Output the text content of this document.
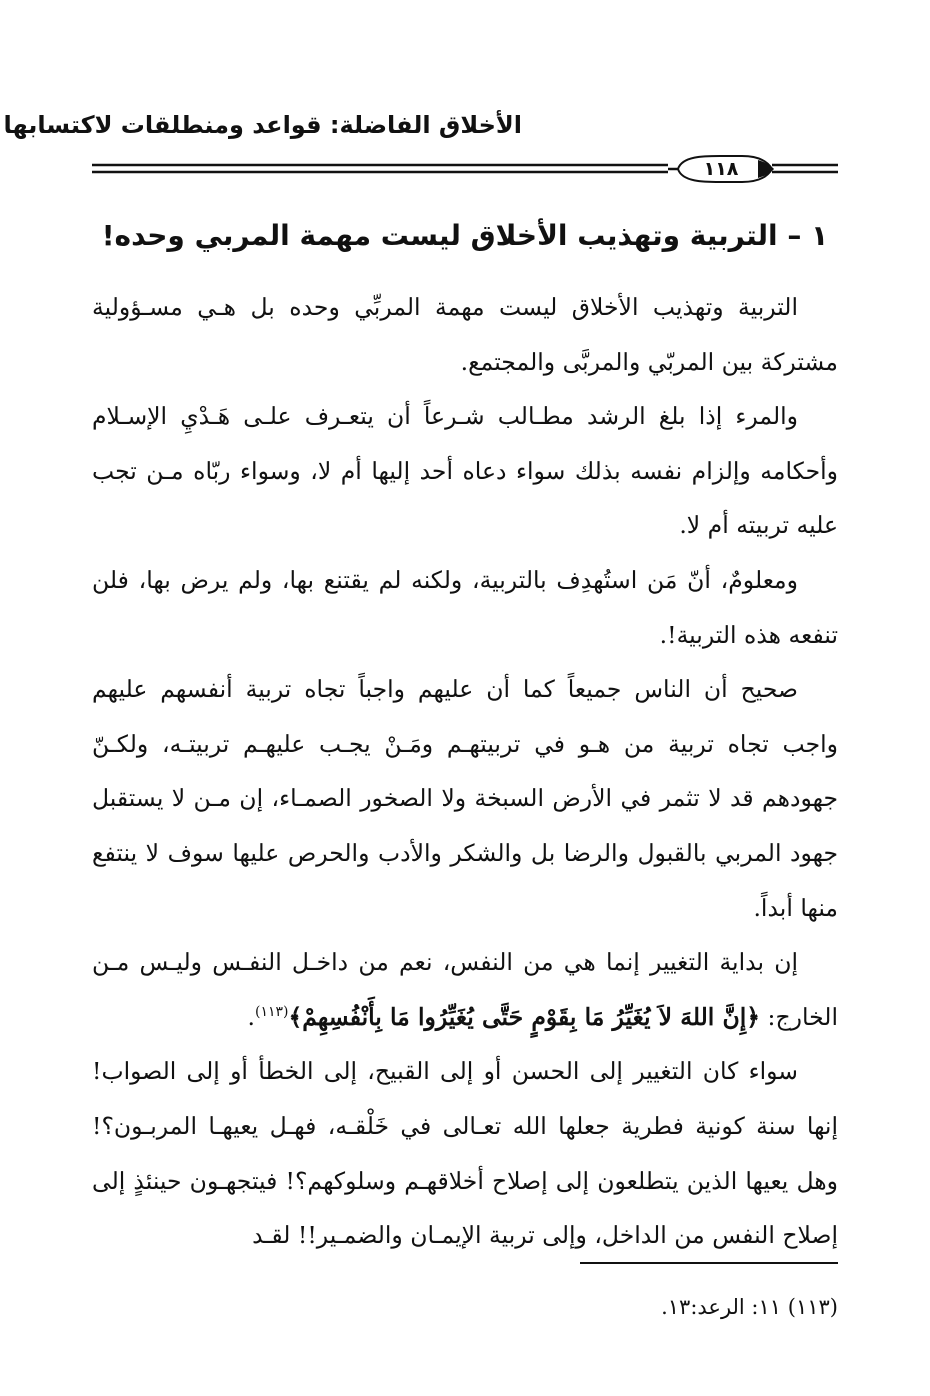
الأخلاق الفاضلة: قواعد ومنطلقات لاكتسابها
١١٨
١ – التربية وتهذيب الأخلاق ليست مهمة المربي وحده!

التربية وتهذيب الأخلاق ليست مهمة المربِّي وحده بل هـي مسـؤولية مشتركة بين المربّي والمربَّى والمجتمع.

والمرء إذا بلغ الرشد مطـالب شـرعاً أن يتعـرف علـى هَـدْيِ الإسـلام وأحكامه وإلزام نفسه بذلك سواء دعاه أحد إليها أم لا، وسواء ربّاه مـن تجب عليه تربيته أم لا.

ومعلومٌ، أنّ مَن استُهدِف بالتربية، ولكنه لم يقتنع بها، ولم يرض بها، فلن تنفعه هذه التربية!.

صحيح أن الناس جميعاً كما أن عليهم واجباً تجاه تربية أنفسهم عليهم واجب تجاه تربية من هـو في تربيتهـم ومَـنْ يجـب عليهـم تربيتـه، ولكـنّ جهودهم قد لا تثمر في الأرض السبخة ولا الصخور الصمـاء، إن مـن لا يستقبل جهود المربي بالقبول والرضا بل والشكر والأدب والحرص عليها سوف لا ينتفع منها أبداً.

إن بداية التغيير إنما هي من النفس، نعم من داخـل النفـس وليـس مـن الخارج: ﴿إِنَّ اللهَ لاَ يُغَيِّرُ مَا بِقَوْمٍ حَتَّى يُغَيِّرُوا مَا بِأَنْفُسِهِمْ﴾$^{(١١٣)}$.

سواء كان التغيير إلى الحسن أو إلى القبيح، إلى الخطأ أو إلى الصواب! إنها سنة كونية فطرية جعلها الله تعـالى في خَلْقـه، فهـل يعيهـا المربـون؟! وهل يعيها الذين يتطلعون إلى إصلاح أخلاقهـم وسلوكهم؟! فيتجهـون حينئذٍ إلى إصلاح النفس من الداخل، وإلى تربية الإيمـان والضمـير!! لقـد

(١١٣) ١١: الرعد:١٣.
